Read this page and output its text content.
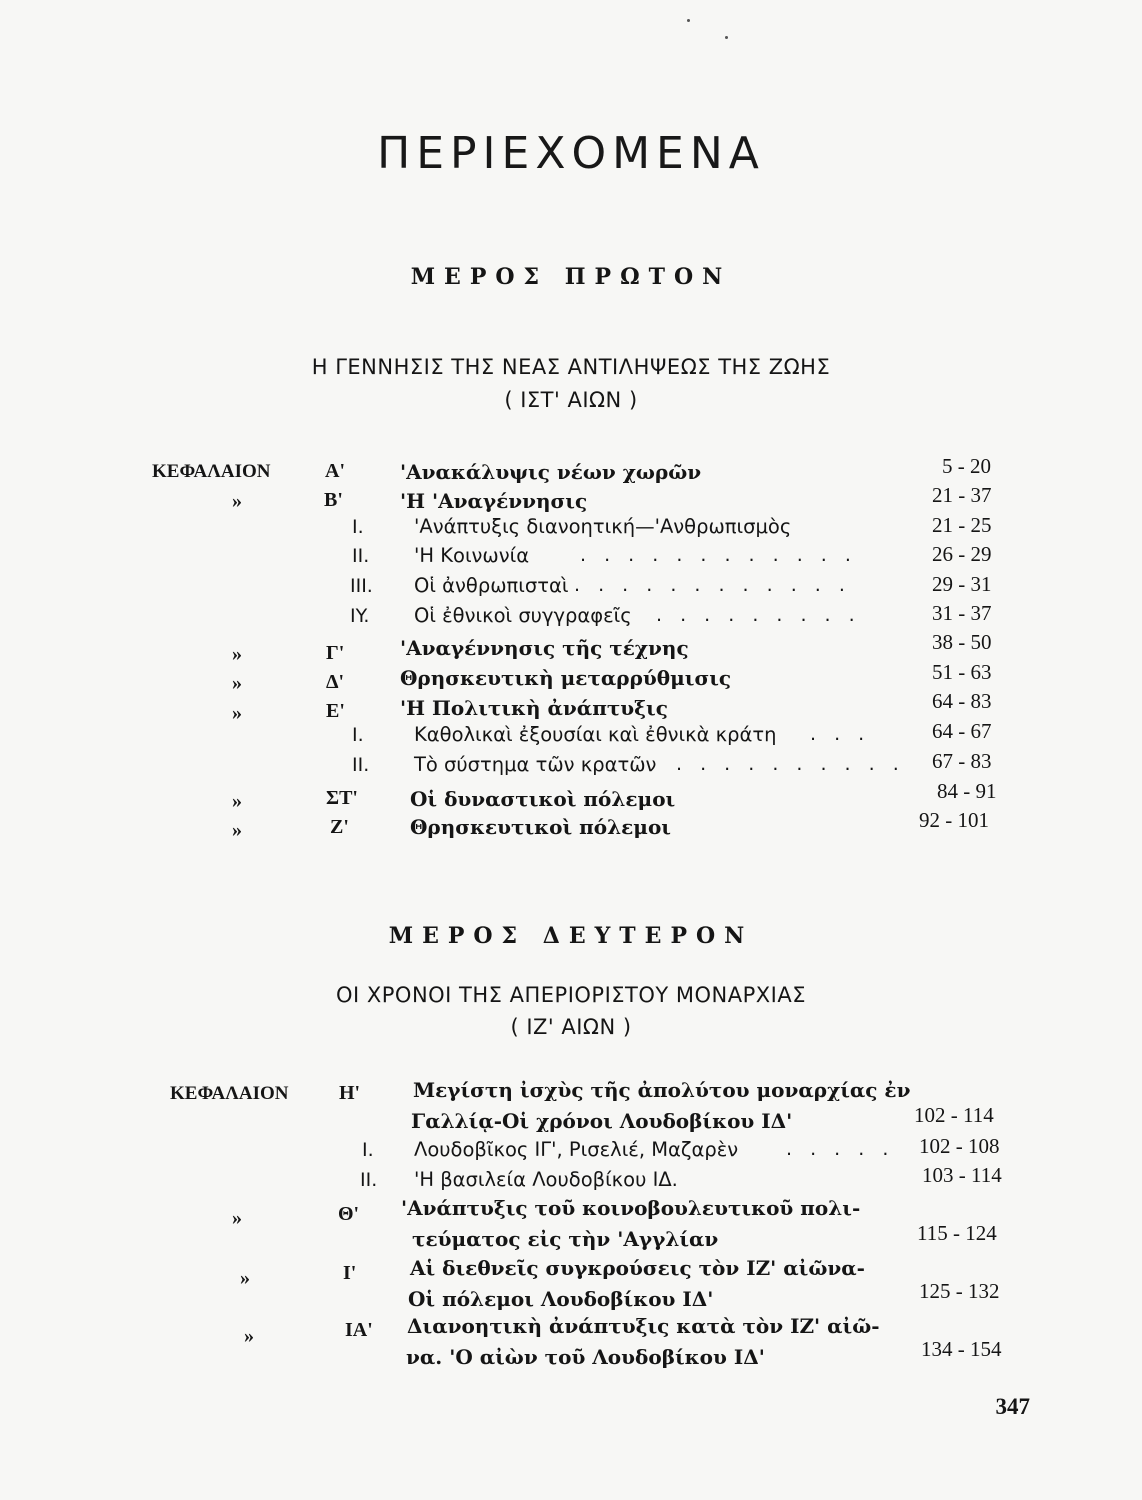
ΠΕΡΙΕΧΟΜΕΝΑ
ΜΕΡΟΣ ΠΡΩΤΟΝ
Η ΓΕΝΝΗΣΙΣ ΤΗΣ ΝΕΑΣ ΑΝΤΙΛΗΨΕΩΣ ΤΗΣ ΖΩΗΣ
( ΙΣΤ' ΑΙΩΝ )
ΚΕΦΑΛΑΙΟΝ	Α'	'Ανακάλυψις νέων χωρῶν	5 - 20
»	Β'	'Η 'Αναγέννησις	21 - 37
I.	'Ανάπτυξις διανοητική—'Ανθρωπισμὸς	21 - 25
II. 'Η Κοινωνία	. . . . . . . . . . . .	26 - 29
III. Οἱ ἀνθρωπισταὶ . . . . . . . . . . . .	29 - 31
IY. Οἱ ἐθνικοὶ συγγραφεῖς . . . . . . . . .	31 - 37
»	Γ'	'Αναγέννησις τῆς τέχνης	38 - 50
»	Δ'	Θρησκευτικὴ μεταρρύθμισις	51 - 63
»	Ε'	'Η Πολιτικὴ ἀνάπτυξις	64 - 83
I.	Καθολικαὶ ἐξουσίαι καὶ ἐθνικὰ κράτη . . .	64 - 67
II. Τὸ σύστημα τῶν κρατῶν . . . . . . . . . . 67 - 83
»	ΣΤ'	Οἱ δυναστικοὶ πόλεμοι	84 - 91
»	Ζ'	Θρησκευτικοὶ πόλεμοι	92 - 101
ΜΕΡΟΣ ΔΕΥΤΕΡΟΝ
ΟΙ ΧΡΟΝΟΙ ΤΗΣ ΑΠΕΡΙΟΡΙΣΤΟΥ ΜΟΝΑΡΧΙΑΣ
( ΙΖ' ΑΙΩΝ )
ΚΕΦΑΛΑΙΟΝ	Η'	Μεγίστη ἰσχὺς τῆς ἀπολύτου μοναρχίας ἐν
Γαλλίᾳ-Οἱ χρόνοι Λουδοβίκου ΙΔ'	102 - 114
I. Λουδοβῖκος ΙΓ', Ρισελιέ, Μαζαρὲν	. . . . . 102 - 108
II. 'Η βασιλεία Λουδοβίκου ΙΔ.	103 - 114
»	Θ' 'Ανάπτυξις τοῦ κοινοβουλευτικοῦ πολι-
τεύματος εἰς τὴν 'Αγγλίαν	115 - 124
»	Ι'	Αἱ διεθνεῖς συγκρούσεις τὸν ΙΖ' αἰῶνα-
Οἱ πόλεμοι Λουδοβίκου ΙΔ'	125 - 132
»	ΙΑ' Διανοητικὴ ἀνάπτυξις κατὰ τὸν ΙΖ' αἰῶ-
να. 'Ο αἰὼν τοῦ Λουδοβίκου ΙΔ'	134 - 154
347
